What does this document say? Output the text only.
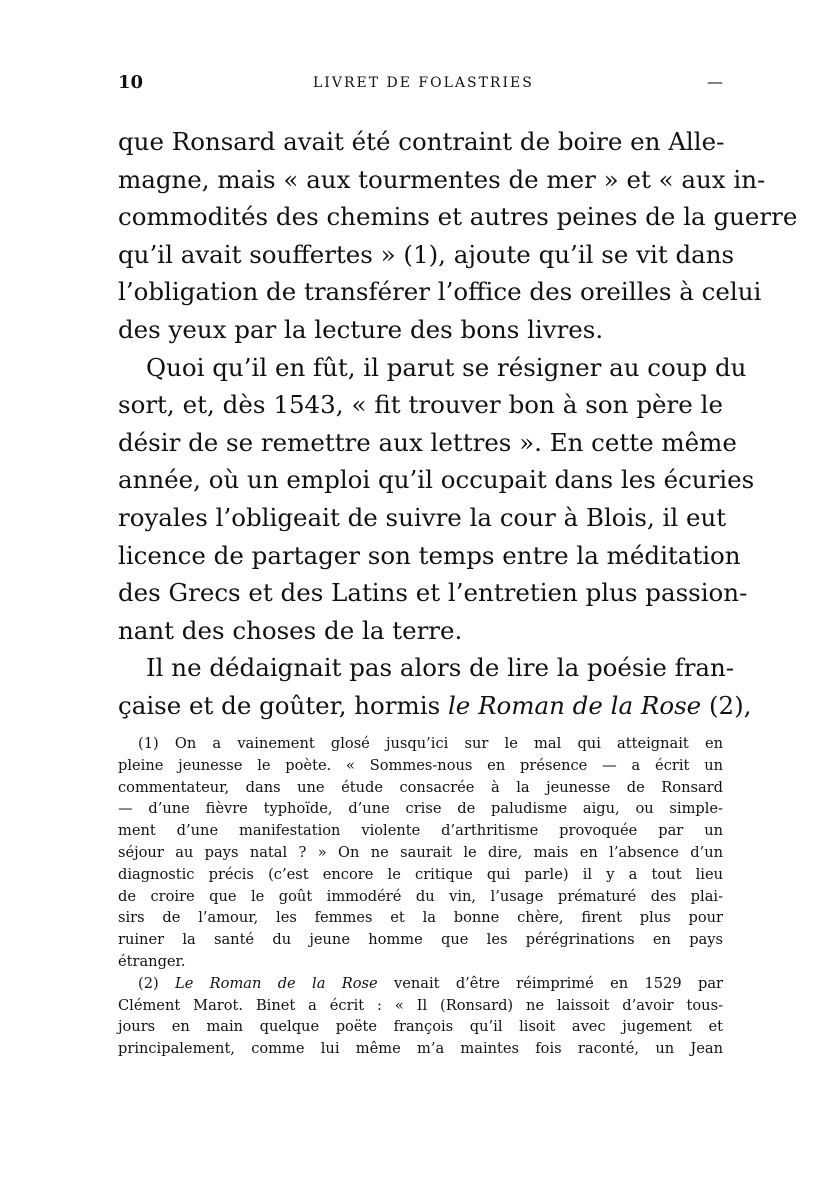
10	LIVRET DE FOLASTRIES	—
que Ronsard avait été contraint de boire en Alle-
magne, mais « aux tourmentes de mer » et « aux in-
commodités des chemins et autres peines de la guerre
qu’il avait souffertes » (1), ajoute qu’il se vit dans
l’obligation de transférer l’office des oreilles à celui
des yeux par la lecture des bons livres.
Quoi qu’il en fût, il parut se résigner au coup du
sort, et, dès 1543, « fit trouver bon à son père le
désir de se remettre aux lettres ». En cette même
année, où un emploi qu’il occupait dans les écuries
royales l’obligeait de suivre la cour à Blois, il eut
licence de partager son temps entre la méditation
des Grecs et des Latins et l’entretien plus passion-
nant des choses de la terre.
Il ne dédaignait pas alors de lire la poésie fran-
çaise et de goûter, hormis le Roman de la Rose (2),
(1) On a vainement glosé jusqu’ici sur le mal qui atteignait en
pleine jeunesse le poète. « Sommes-nous en présence — a écrit un
commentateur, dans une étude consacrée à la jeunesse de Ronsard
— d’une fièvre typhoïde, d’une crise de paludisme aigu, ou simple-
ment d’une manifestation violente d’arthritisme provoquée par un
séjour au pays natal ? » On ne saurait le dire, mais en l’absence d’un
diagnostic précis (c’est encore le critique qui parle) il y a tout lieu
de croire que le goût immodéré du vin, l’usage prématuré des plai-
sirs de l’amour, les femmes et la bonne chère, firent plus pour
ruiner la santé du jeune homme que les pérégrinations en pays
étranger.
(2) Le Roman de la Rose venait d’être réimprimé en 1529 par
Clément Marot. Binet a écrit : « Il (Ronsard) ne laissoit d’avoir tous-
jours en main quelque poëte françois qu’il lisoit avec jugement et
principalement, comme lui même m’a maintes fois raconté, un Jean
